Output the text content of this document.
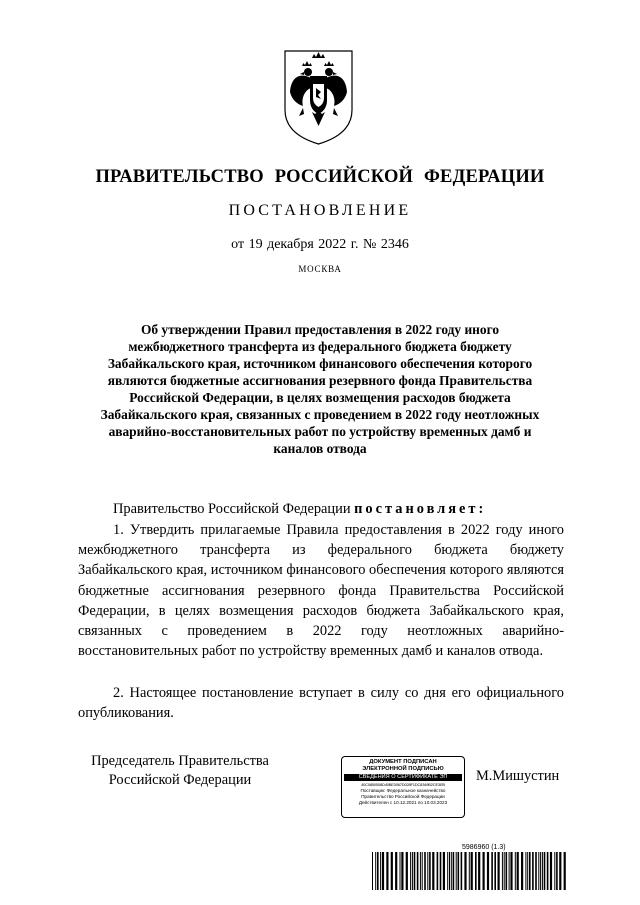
ПРАВИТЕЛЬСТВО РОССИЙСКОЙ ФЕДЕРАЦИИ
ПОСТАНОВЛЕНИЕ
от 19 декабря 2022 г. № 2346
МОСКВА
Об утверждении Правил предоставления в 2022 году иного межбюджетного трансферта из федерального бюджета бюджету Забайкальского края, источником финансового обеспечения которого являются бюджетные ассигнования резервного фонда Правительства Российской Федерации, в целях возмещения расходов бюджета Забайкальского края, связанных с проведением в 2022 году неотложных аварийно-восстановительных работ по устройству временных дамб и каналов отвода
Правительство Российской Федерации постановляет:
1. Утвердить прилагаемые Правила предоставления в 2022 году иного межбюджетного трансферта из федерального бюджета бюджету Забайкальского края, источником финансового обеспечения которого являются бюджетные ассигнования резервного фонда Правительства Российской Федерации, в целях возмещения расходов бюджета Забайкальского края, связанных с проведением в 2022 году неотложных аварийно-восстановительных работ по устройству временных дамб и каналов отвода.
2. Настоящее постановление вступает в силу со дня его официального опубликования.
Председатель Правительства
Российской Федерации
ДОКУМЕНТ ПОДПИСАН
ЭЛЕКТРОННОЙ ПОДПИСЬЮ
СВЕДЕНИЯ О СЕРТИФИКАТЕ ЭП
40C0850508D40BE3067D028F1DC8349B2CE3EB
Поставщик: Федеральное казначейство
Правительство Российской Федерации
Действителен с 10.12.2021 по 10.03.2023
М.Мишустин
5986960 (1.3)
